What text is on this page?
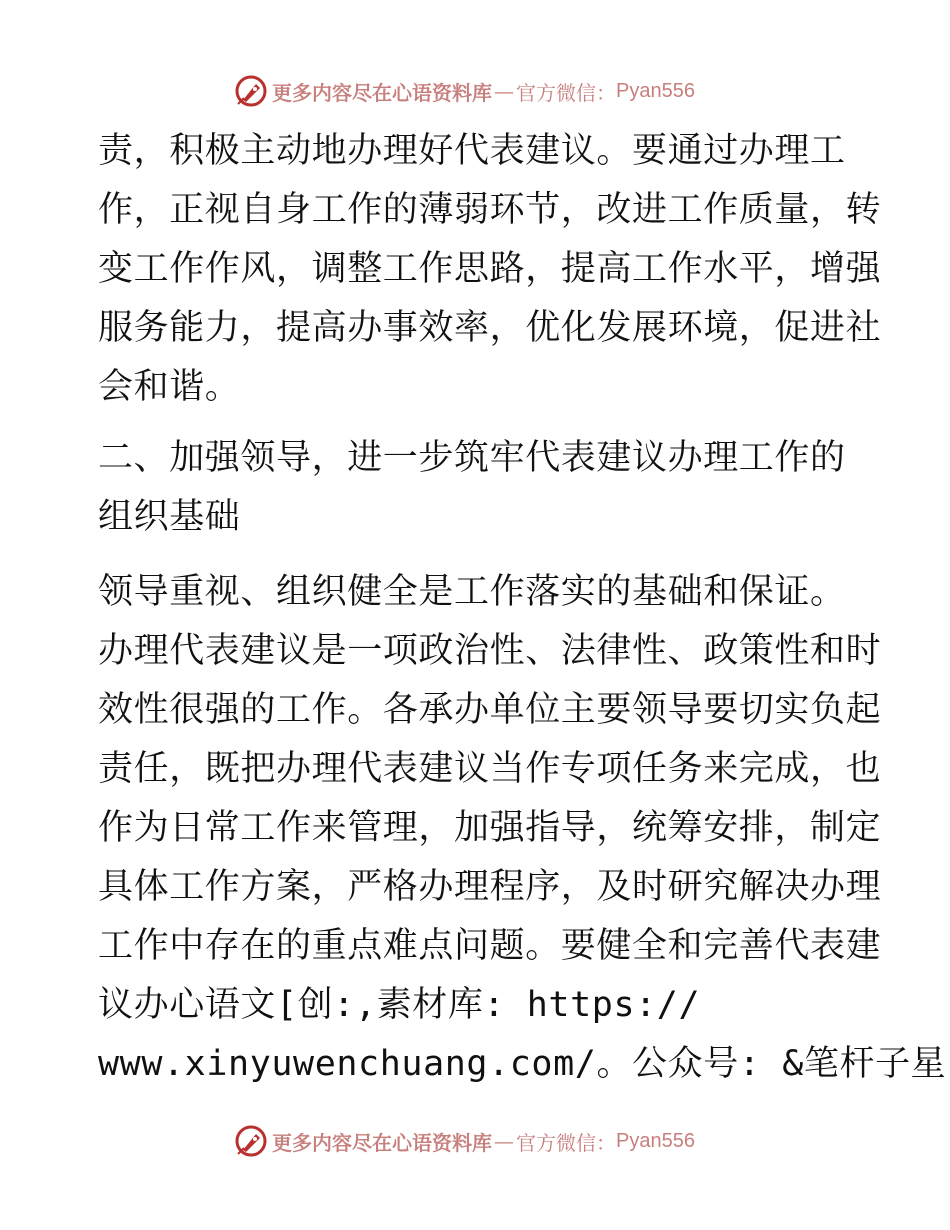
更多内容尽在心语资料库 — 官方微信： Pyan556
责，积极主动地办理好代表建议。要通过办理工
作，正视自身工作的薄弱环节，改进工作质量，转
变工作作风，调整工作思路，提高工作水平，增强
服务能力，提高办事效率，优化发展环境，促进社
会和谐。
二、加强领导，进一步筑牢代表建议办理工作的
组织基础
领导重视、组织健全是工作落实的基础和保证。
办理代表建议是一项政治性、法律性、政策性和时
效性很强的工作。各承办单位主要领导要切实负起
责任，既把办理代表建议当作专项任务来完成，也
作为日常工作来管理，加强指导，统筹安排，制定
具体工作方案，严格办理程序，及时研究解决办理
工作中存在的重点难点问题。要健全和完善代表建
议办心语文[创:,素材库: https://
www.xinyuwenchuang.com/。公众号: &笔杆子星
更多内容尽在心语资料库 — 官方微信： Pyan556
